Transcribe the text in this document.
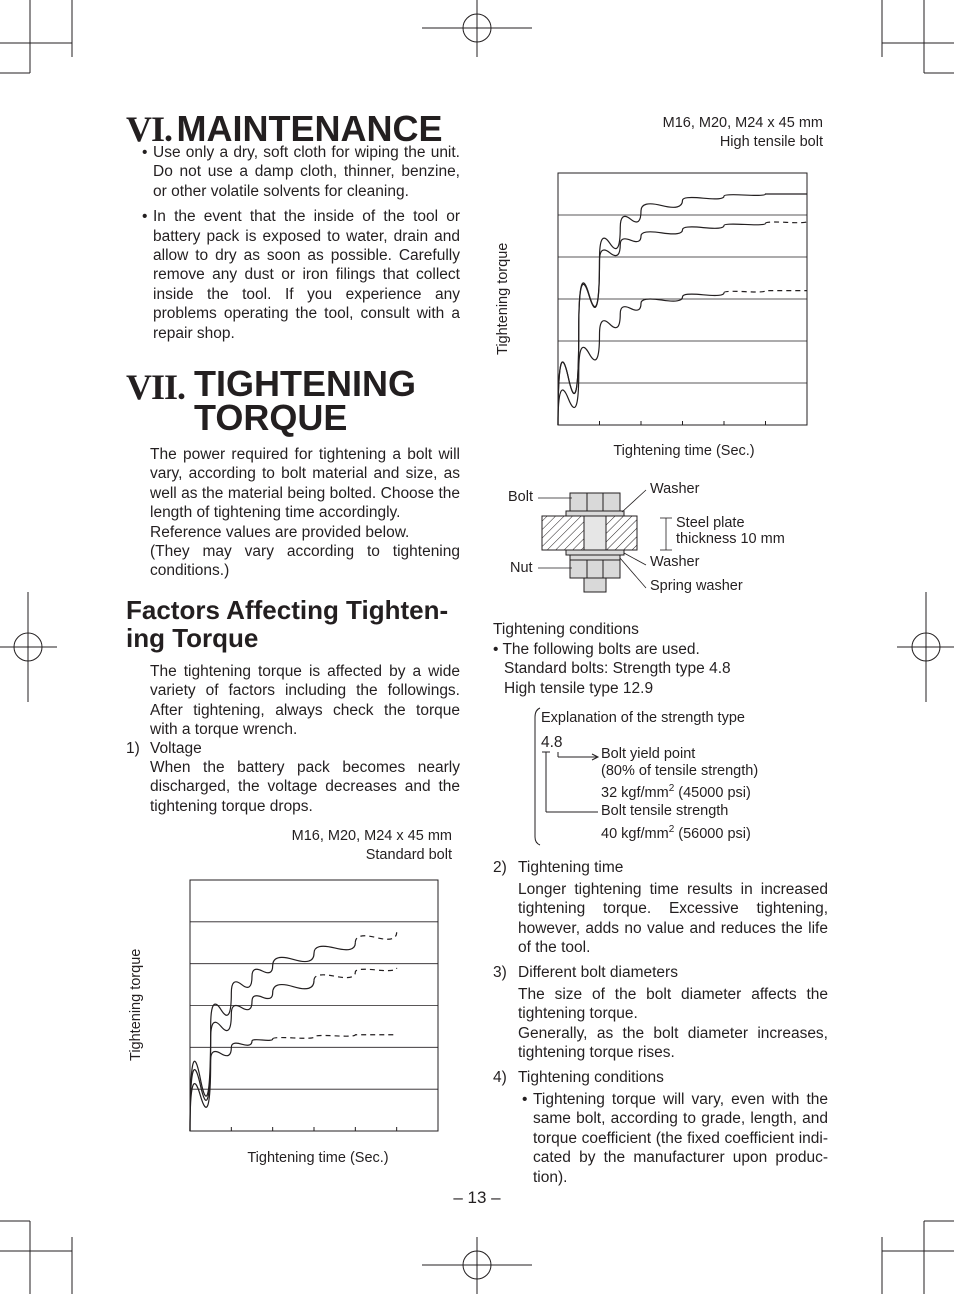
VI. MAINTENANCE
• Use only a dry, soft cloth for wiping the unit. Do not use a damp cloth, thinner, benzine, or other volatile solvents for cleaning.
• In the event that the inside of the tool or battery pack is exposed to water, drain and allow to dry as soon as possible. Carefully remove any dust or iron filings that collect inside the tool. If you experience any problems operating the tool, consult with a repair shop.
VII. TIGHTENING
TORQUE
The power required for tightening a bolt will vary, according to bolt material and size, as well as the material being bolted. Choose the length of tightening time accordingly.
Reference values are provided below.
(They may vary according to tightening conditions.)
Factors Affecting Tighten-ing Torque
The tightening torque is affected by a wide variety of factors including the followings. After tightening, always check the torque with a torque wrench.
1) Voltage
When the battery pack becomes nearly discharged, the voltage decreases and the tightening torque drops.
M16, M20, M24 x 45 mm
Standard bolt
Tightening time (Sec.)
Tightening torque
M16, M20, M24 x 45 mm
High tensile bolt
Tightening torque
Tightening time (Sec.)
Bolt
Nut
Washer
Steel plate
thickness 10 mm
Washer
Spring washer
Tightening conditions
• The following bolts are used.
Standard bolts: Strength type 4.8
High tensile type 12.9
Explanation of the strength type
4.8
Bolt yield point
(80% of tensile strength)
32 kgf/$mm^2$ (45000 psi)
Bolt tensile strength
40 kgf/$mm^2$ (56000 psi)
2) Tightening time
Longer tightening time results in increased tightening torque. Excessive tightening, however, adds no value and reduces the life of the tool.
3) Different bolt diameters
The size of the bolt diameter affects the tightening torque.
Generally, as the bolt diameter increases, tightening torque rises.
4) Tightening conditions
• Tightening torque will vary, even with the same bolt, according to grade, length, and torque coefficient (the fixed coefficient indi-cated by the manufacturer upon produc-tion).
– 13 –
